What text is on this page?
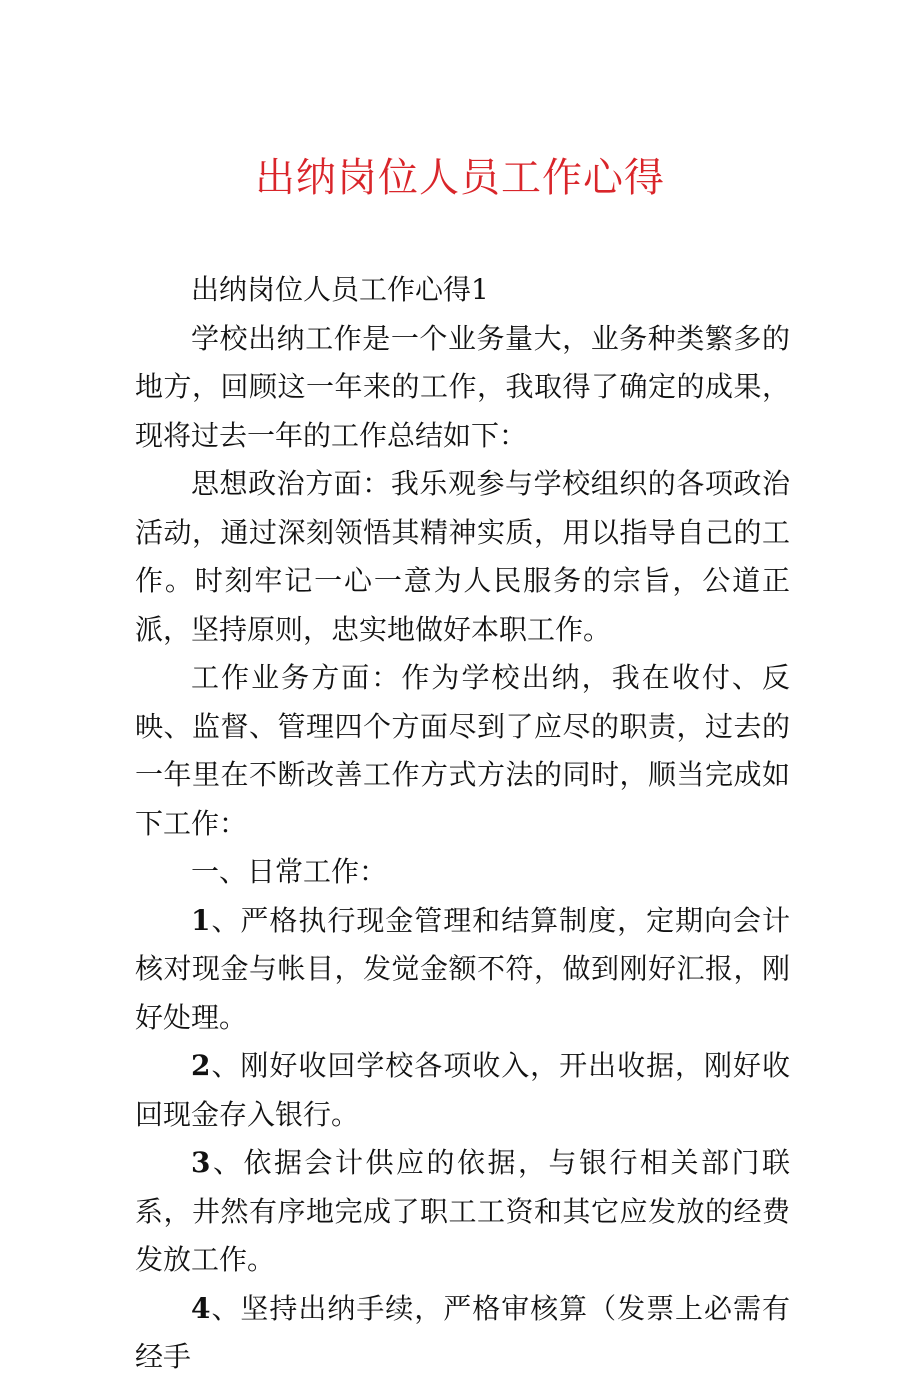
出纳岗位人员工作心得

出纳岗位人员工作心得1

学校出纳工作是一个业务量大，业务种类繁多的地方，回顾这一年来的工作，我取得了确定的成果，现将过去一年的工作总结如下：

思想政治方面：我乐观参与学校组织的各项政治活动，通过深刻领悟其精神实质，用以指导自己的工作。时刻牢记一心一意为人民服务的宗旨，公道正派，坚持原则，忠实地做好本职工作。

工作业务方面：作为学校出纳，我在收付、反映、监督、管理四个方面尽到了应尽的职责，过去的一年里在不断改善工作方式方法的同时，顺当完成如下工作：

一、日常工作：

1、严格执行现金管理和结算制度，定期向会计核对现金与帐目，发觉金额不符，做到刚好汇报，刚好处理。

2、刚好收回学校各项收入，开出收据，刚好收回现金存入银行。

3、依据会计供应的依据，与银行相关部门联系，井然有序地完成了职工工资和其它应发放的经费发放工作。

4、坚持出纳手续，严格审核算（发票上必需有经手
